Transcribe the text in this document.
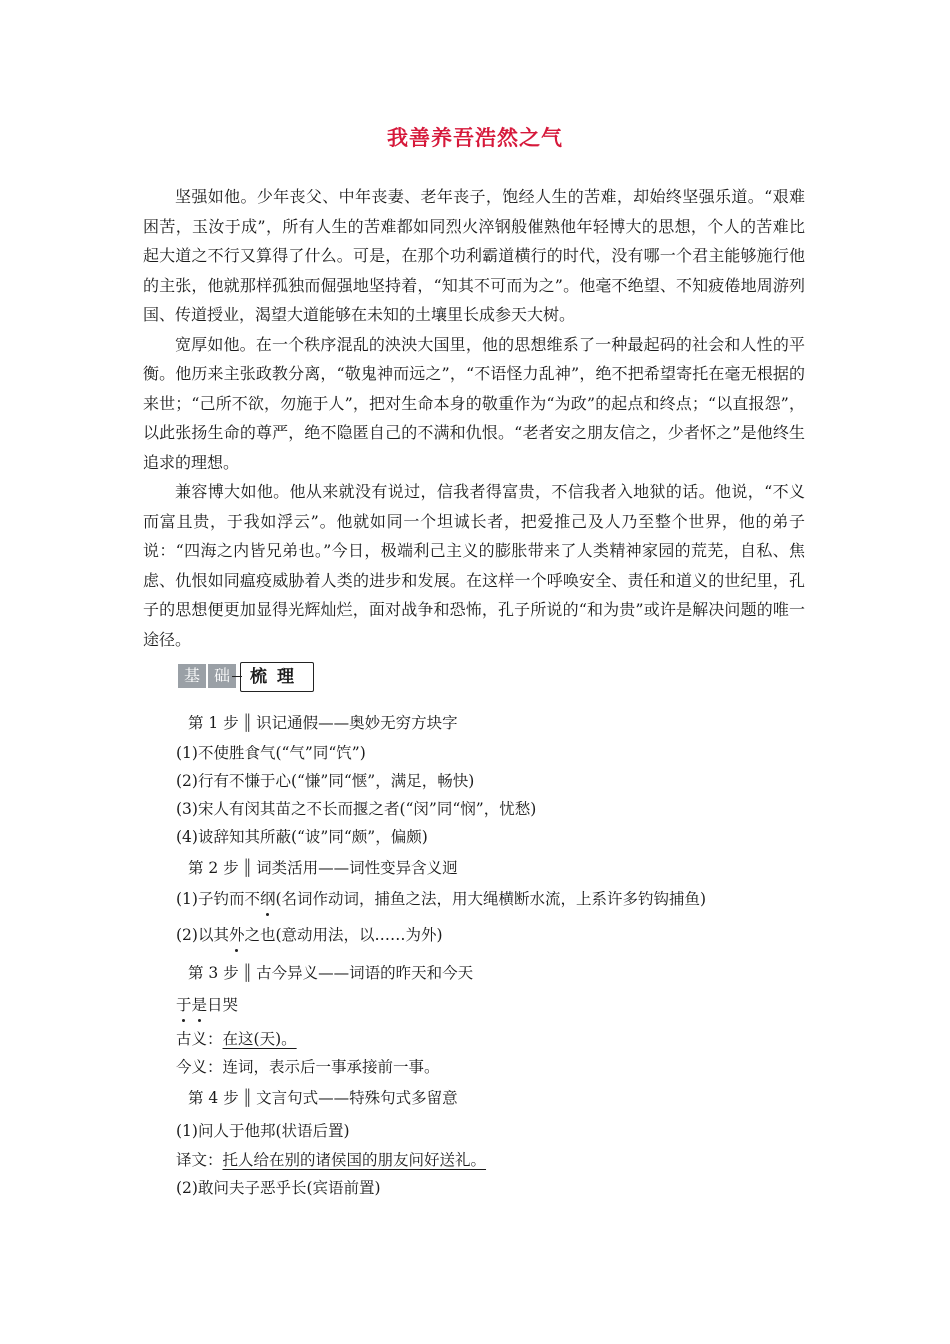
我善养吾浩然之气

坚强如他。少年丧父、中年丧妻、老年丧子，饱经人生的苦难，却始终坚强乐道。“艰难困苦，玉汝于成”，所有人生的苦难都如同烈火淬钢般催熟他年轻博大的思想，个人的苦难比起大道之不行又算得了什么。可是，在那个功利霸道横行的时代，没有哪一个君主能够施行他的主张，他就那样孤独而倔强地坚持着，“知其不可而为之”。他毫不绝望、不知疲倦地周游列国、传道授业，渴望大道能够在未知的土壤里长成参天大树。

宽厚如他。在一个秩序混乱的泱泱大国里，他的思想维系了一种最起码的社会和人性的平衡。他历来主张政教分离，“敬鬼神而远之”，“不语怪力乱神”，绝不把希望寄托在毫无根据的来世；“己所不欲，勿施于人”，把对生命本身的敬重作为“为政”的起点和终点；“以直报怨”，以此张扬生命的尊严，绝不隐匿自己的不满和仇恨。“老者安之朋友信之，少者怀之”是他终生追求的理想。

兼容博大如他。他从来就没有说过，信我者得富贵，不信我者入地狱的话。他说，“不义而富且贵，于我如浮云”。他就如同一个坦诚长者，把爱推己及人乃至整个世界，他的弟子说：“四海之内皆兄弟也。”今日，极端利己主义的膨胀带来了人类精神家园的荒芜，自私、焦虑、仇恨如同瘟疫威胁着人类的进步和发展。在这样一个呼唤安全、责任和道义的世纪里，孔子的思想便更加显得光辉灿烂，面对战争和恐怖，孔子所说的“和为贵”或许是解决问题的唯一途径。

基 础	梳理
第 1 步 ║ 识记通假——奥妙无穷方块字
(1)不使胜食气(“气”同“饩”)
(2)行有不慊于心(“慊”同“惬”，满足，畅快)
(3)宋人有闵其苗之不长而揠之者(“闵”同“悯”，忧愁)
(4)诐辞知其所蔽(“诐”同“颇”，偏颇)
第 2 步 ║ 词类活用——词性变异含义迥
(1)子钓而不纲(名词作动词，捕鱼之法，用大绳横断水流，上系许多钓钩捕鱼)
(2)以其外之也(意动用法，以……为外)
第 3 步 ║ 古今异义——词语的昨天和今天
于是日哭
古义：在这(天)。
今义：连词，表示后一事承接前一事。
第 4 步 ║ 文言句式——特殊句式多留意
(1)问人于他邦(状语后置)
译文：托人给在别的诸侯国的朋友问好送礼。
(2)敢问夫子恶乎长(宾语前置)
